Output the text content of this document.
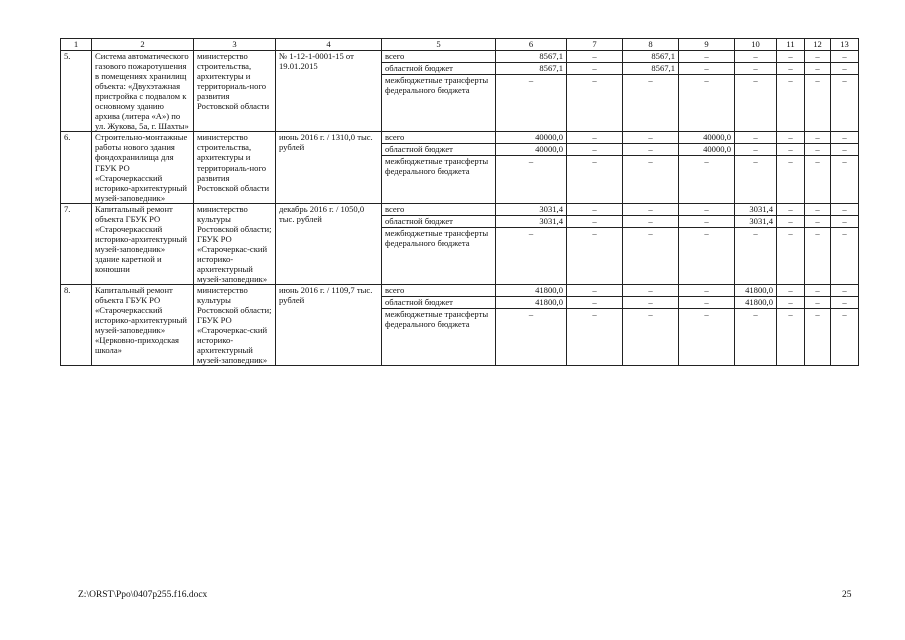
1	2	3	4	5	6	7	8	9	10	11	12	13
5.	Система автоматического газового пожаротушения в помещениях хранилищ объекта: «Двухэтажная пристройка с подвалом к основному зданию архива (литера «А») по ул. Жукова, 5а, г. Шахты»	министерство строительства, архитектуры и территориаль-ного развития Ростовской области	№ 1-12-1-0001-15 от 19.01.2015	всего	8567,1	–	8567,1	–	–	–	–	–
				областной бюджет	8567,1	–	8567,1	–	–	–	–	–
				межбюджетные трансферты федерального бюджета	–	–	–	–	–	–	–	–
6.	Строительно-монтажные работы нового здания фондохранилища для ГБУК РО «Старочеркасский историко-архитектурный музей-заповедник»	министерство строительства, архитектуры и территориаль-ного развития Ростовской области	июнь 2016 г. / 1310,0 тыс. рублей	всего	40000,0	–	–	40000,0	–	–	–	–
				областной бюджет	40000,0	–	–	40000,0	–	–	–	–
				межбюджетные трансферты федерального бюджета	–	–	–	–	–	–	–	–
7.	Капитальный ремонт объекта ГБУК РО «Старочеркасский историко-архитектурный музей-заповедник» здание каретной и конюшни	министерство культуры Ростовской области; ГБУК РО «Старочеркас-ский историко-архитектурный музей-заповедник»	декабрь 2016 г. / 1050,0 тыс. рублей	всего	3031,4	–	–	–	3031,4	–	–	–
				областной бюджет	3031,4	–	–	–	3031,4	–	–	–
				межбюджетные трансферты федерального бюджета	–	–	–	–	–	–	–	–
8.	Капитальный ремонт объекта ГБУК РО «Старочеркасский историко-архитектурный музей-заповедник» «Церковно-приходская школа»	министерство культуры Ростовской области; ГБУК РО «Старочеркас-ский историко-архитектурный музей-заповедник»	июнь 2016 г. / 1109,7 тыс. рублей	всего	41800,0	–	–	–	41800,0	–	–	–
				областной бюджет	41800,0	–	–	–	41800,0	–	–	–
				межбюджетные трансферты федерального бюджета	–	–	–	–	–	–	–	–
Z:\ORST\Ppo\0407p255.f16.docx	25
